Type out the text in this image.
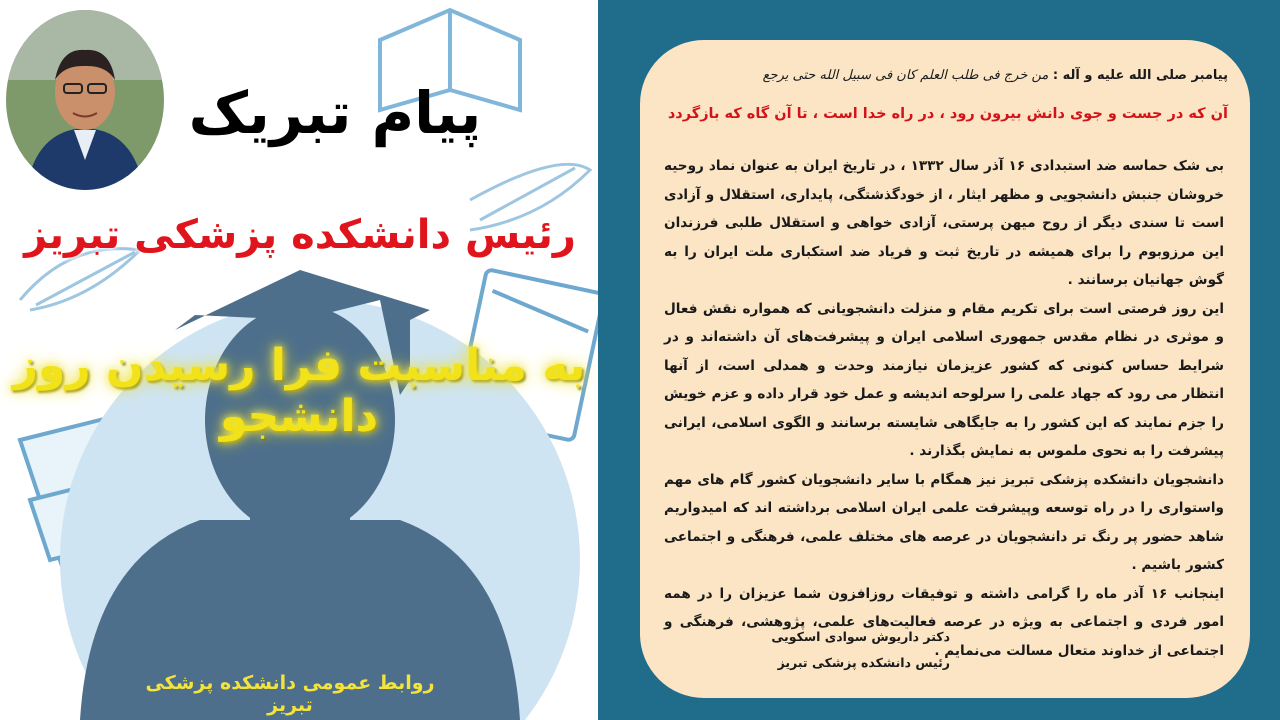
پیام تبریک
رئیس دانشکده پزشکی تبریز
به مناسبت فرا رسیدن روز دانشجو
روابط عمومی دانشکده پزشکی تبریز
پیامبر صلی الله علیه و آله : من خرج فی طلب العلم کان فی سبیل الله حتی یرجع
آن که در جست و جوی دانش بیرون رود ، در راه خدا است ، تا آن گاه که بازگردد

بی شک حماسه ضد استبدادی ۱۶ آذر سال ۱۳۳۲ ، در تاریخ ایران به عنوان نماد روحیه خروشان جنبش دانشجویی و مظهر ایثار ، از خودگذشتگی، پایداری، استقلال و آزادی است تا سندی دیگر از روح میهن پرستی، آزادی خواهی و استقلال طلبی فرزندان این مرزوبوم را برای همیشه در تاریخ ثبت و فریاد ضد استکباری ملت ایران را به گوش جهانیان برسانند .

این روز فرصتی است برای تکریم مقام و منزلت دانشجویانی که همواره نقش فعال و موثری در نظام مقدس جمهوری اسلامی ایران و پیشرفت‌های آن داشته‌اند و در شرایط حساس کنونی که کشور عزیزمان نیازمند وحدت و همدلی است، از آنها انتظار می رود که جهاد علمی را سرلوحه اندیشه و عمل خود قرار داده و عزم خویش را جزم نمایند که این کشور را به جایگاهی شایسته برسانند و الگوی اسلامی، ایرانی پیشرفت را به نحوی ملموس به نمایش بگذارند .

دانشجویان دانشکده پزشکی تبریز نیز همگام با سایر دانشجویان کشور گام های مهم واستواری را در راه توسعه وپیشرفت علمی ایران اسلامی برداشته اند که امیدواریم شاهد حضور پر رنگ تر دانشجویان در عرصه های مختلف علمی، فرهنگی و اجتماعی کشور باشیم .

اینجانب ۱۶ آذر ماه را گرامی داشته و توفیقات روزافزون شما عزیزان را در همه امور فردی و اجتماعی به ویژه در عرصه فعالیت‌های علمی، پژوهشی، فرهنگی و اجتماعی از خداوند متعال مسالت می‌نمایم .

دکتر داریوش سوادی اسکویی
رئیس دانشکده پزشکی تبریز
